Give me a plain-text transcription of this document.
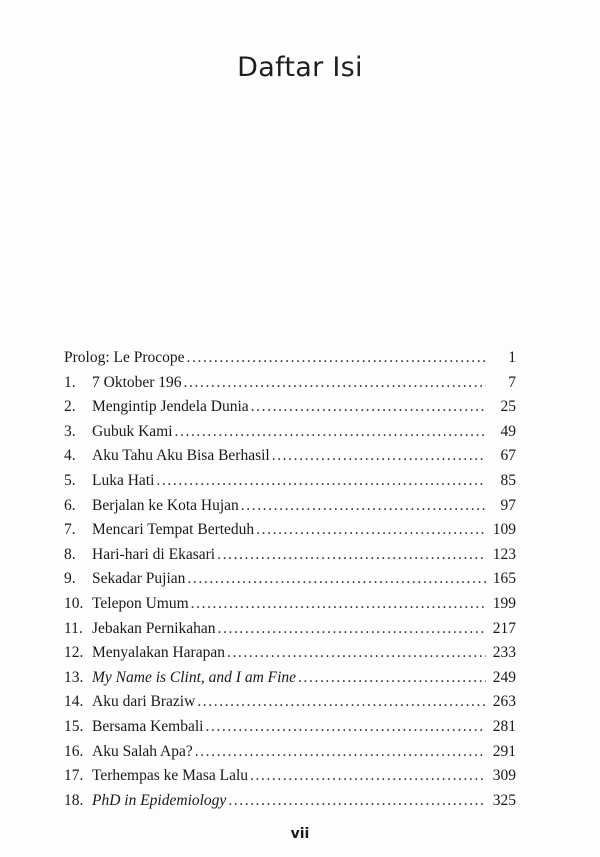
Daftar Isi
Prolog: Le Procope .....	1
1.	7 Oktober 196 .....	7
2.	Mengintip Jendela Dunia .....	25
3.	Gubuk Kami .....	49
4.	Aku Tahu Aku Bisa Berhasil .....	67
5.	Luka Hati .....	85
6.	Berjalan ke Kota Hujan .....	97
7.	Mencari Tempat Berteduh .....	109
8.	Hari-hari di Ekasari .....	123
9.	Sekadar Pujian .....	165
10. Telepon Umum .....	199
11. Jebakan Pernikahan .....	217
12. Menyalakan Harapan .....	233
13. My Name is Clint, and I am Fine .....	249
14. Aku dari Braziw .....	263
15. Bersama Kembali .....	281
16. Aku Salah Apa? .....	291
17. Terhempas ke Masa Lalu .....	309
18. PhD in Epidemiology .....	325
vii
